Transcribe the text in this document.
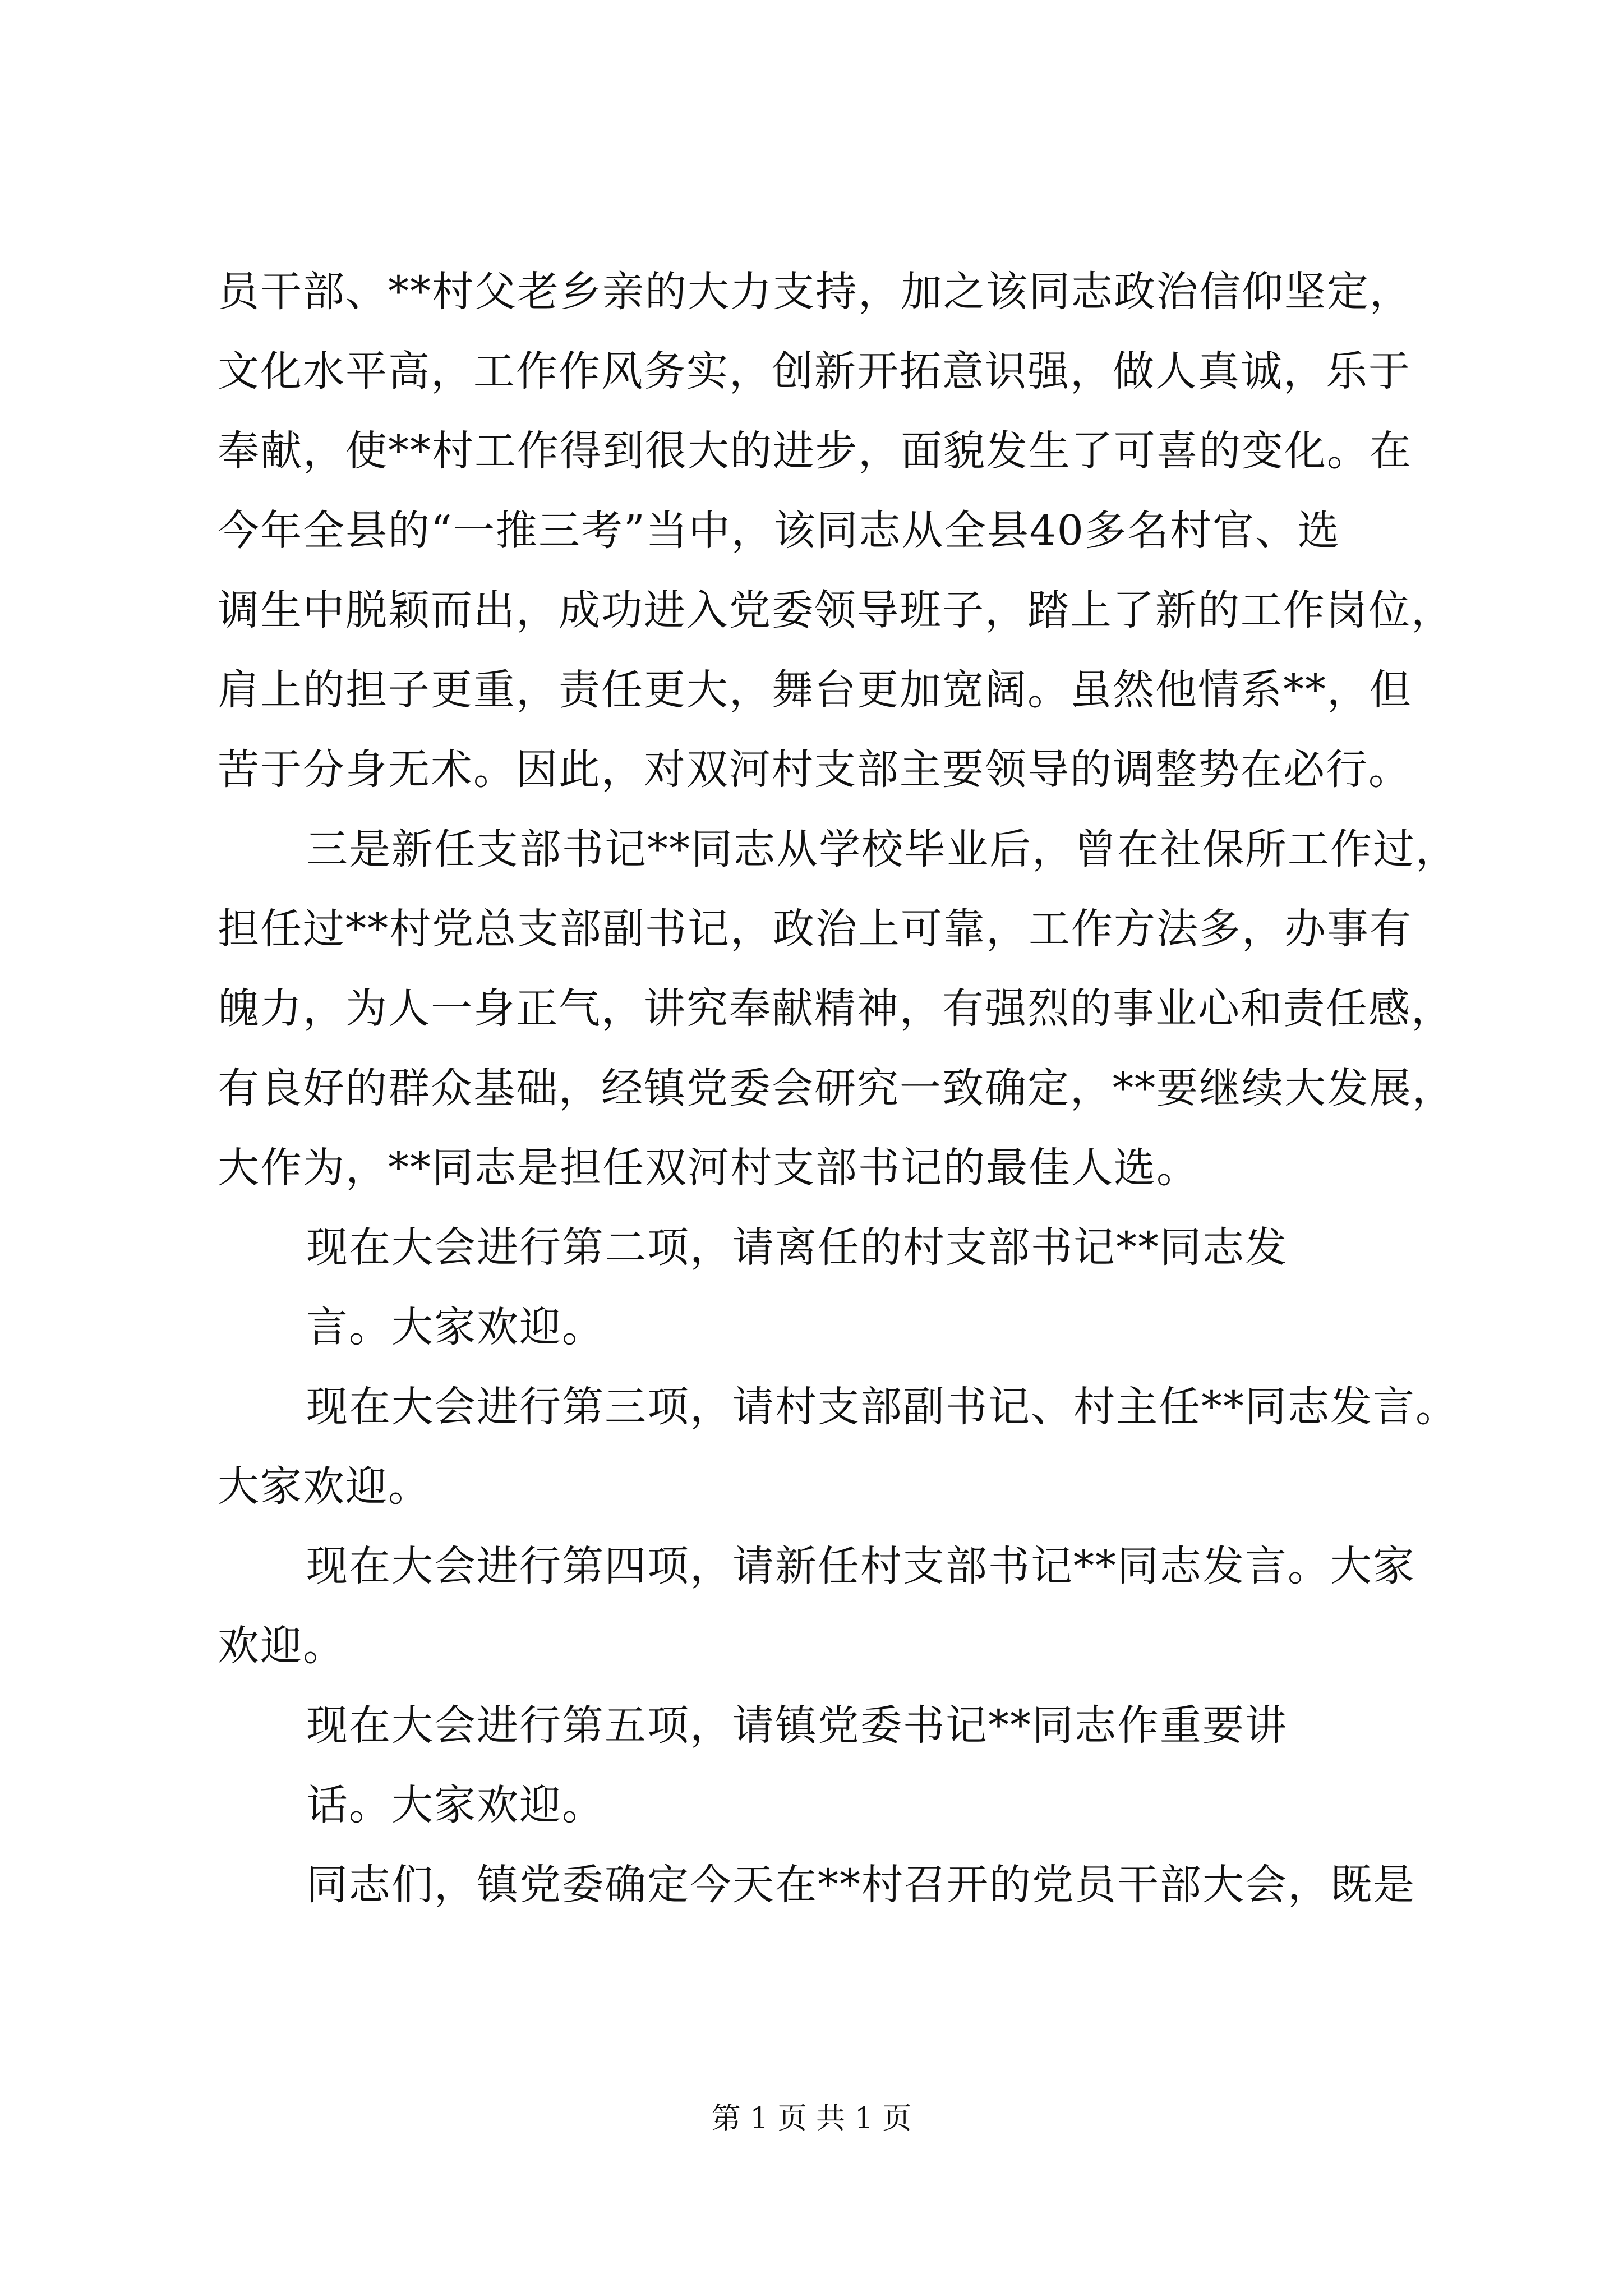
员干部、**村父老乡亲的大力支持，加之该同志政治信仰坚定，
文化水平高，工作作风务实，创新开拓意识强，做人真诚，乐于
奉献，使**村工作得到很大的进步，面貌发生了可喜的变化。在
今年全县的“一推三考”当中，该同志从全县40多名村官、选
调生中脱颖而出，成功进入党委领导班子，踏上了新的工作岗位，
肩上的担子更重，责任更大，舞台更加宽阔。虽然他情系**，但
苦于分身无术。因此，对双河村支部主要领导的调整势在必行。
三是新任支部书记**同志从学校毕业后，曾在社保所工作过，
担任过**村党总支部副书记，政治上可靠，工作方法多，办事有
魄力，为人一身正气，讲究奉献精神，有强烈的事业心和责任感，
有良好的群众基础，经镇党委会研究一致确定，**要继续大发展，
大作为，**同志是担任双河村支部书记的最佳人选。
现在大会进行第二项，请离任的村支部书记**同志发
言。大家欢迎。
现在大会进行第三项，请村支部副书记、村主任**同志发言。
大家欢迎。
现在大会进行第四项，请新任村支部书记**同志发言。大家
欢迎。
现在大会进行第五项，请镇党委书记**同志作重要讲
话。大家欢迎。
同志们，镇党委确定今天在**村召开的党员干部大会，既是
第 1 页 共 1 页
